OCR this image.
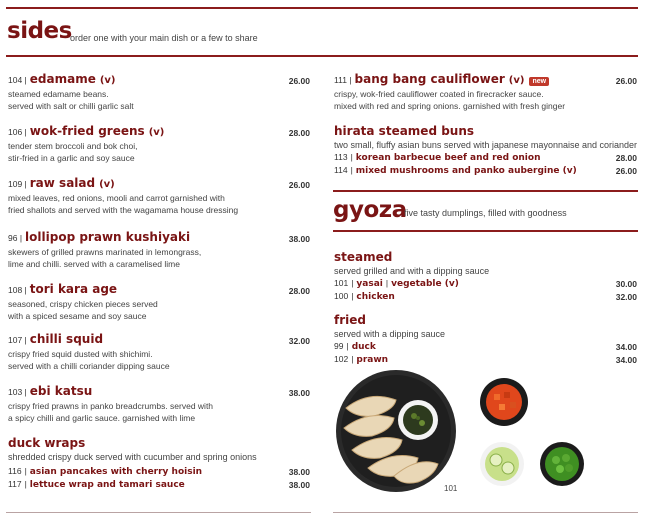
sides
order one with your main dish or a few to share
104 | edamame (v)
steamed edamame beans.
served with salt or chilli garlic salt
26.00
106 | wok-fried greens (v)
tender stem broccoli and bok choi,
stir-fried in a garlic and soy sauce
28.00
109 | raw salad (v)
mixed leaves, red onions, mooli and carrot garnished with
fried shallots and served with the wagamama house dressing
26.00
96 | lollipop prawn kushiyaki
skewers of grilled prawns marinated in lemongrass,
lime and chilli. served with a caramelised lime
38.00
108 | tori kara age
seasoned, crispy chicken pieces served
with a spiced sesame and soy sauce
28.00
107 | chilli squid
crispy fried squid dusted with shichimi.
served with a chilli coriander dipping sauce
32.00
103 | ebi katsu
crispy fried prawns in panko breadcrumbs. served with
a spicy chilli and garlic sauce. garnished with lime
38.00
duck wraps
shredded crispy duck served with cucumber and spring onions
116 | asian pancakes with cherry hoisin	38.00
117 | lettuce wrap and tamari sauce	38.00
111 | bang bang cauliflower (v)	new
crispy, wok-fried cauliflower coated in firecracker sauce.
mixed with red and spring onions. garnished with fresh ginger
26.00
hirata steamed buns
two small, fluffy asian buns served with japanese mayonnaise and coriander
113 | korean barbecue beef and red onion	28.00
114 | mixed mushrooms and panko aubergine (v)	26.00
gyoza
five tasty dumplings, filled with goodness
steamed
served grilled and with a dipping sauce
101 | yasai | vegetable (v)	30.00
100 | chicken	32.00
fried
served with a dipping sauce
99 | duck	34.00
102 | prawn	34.00
101
